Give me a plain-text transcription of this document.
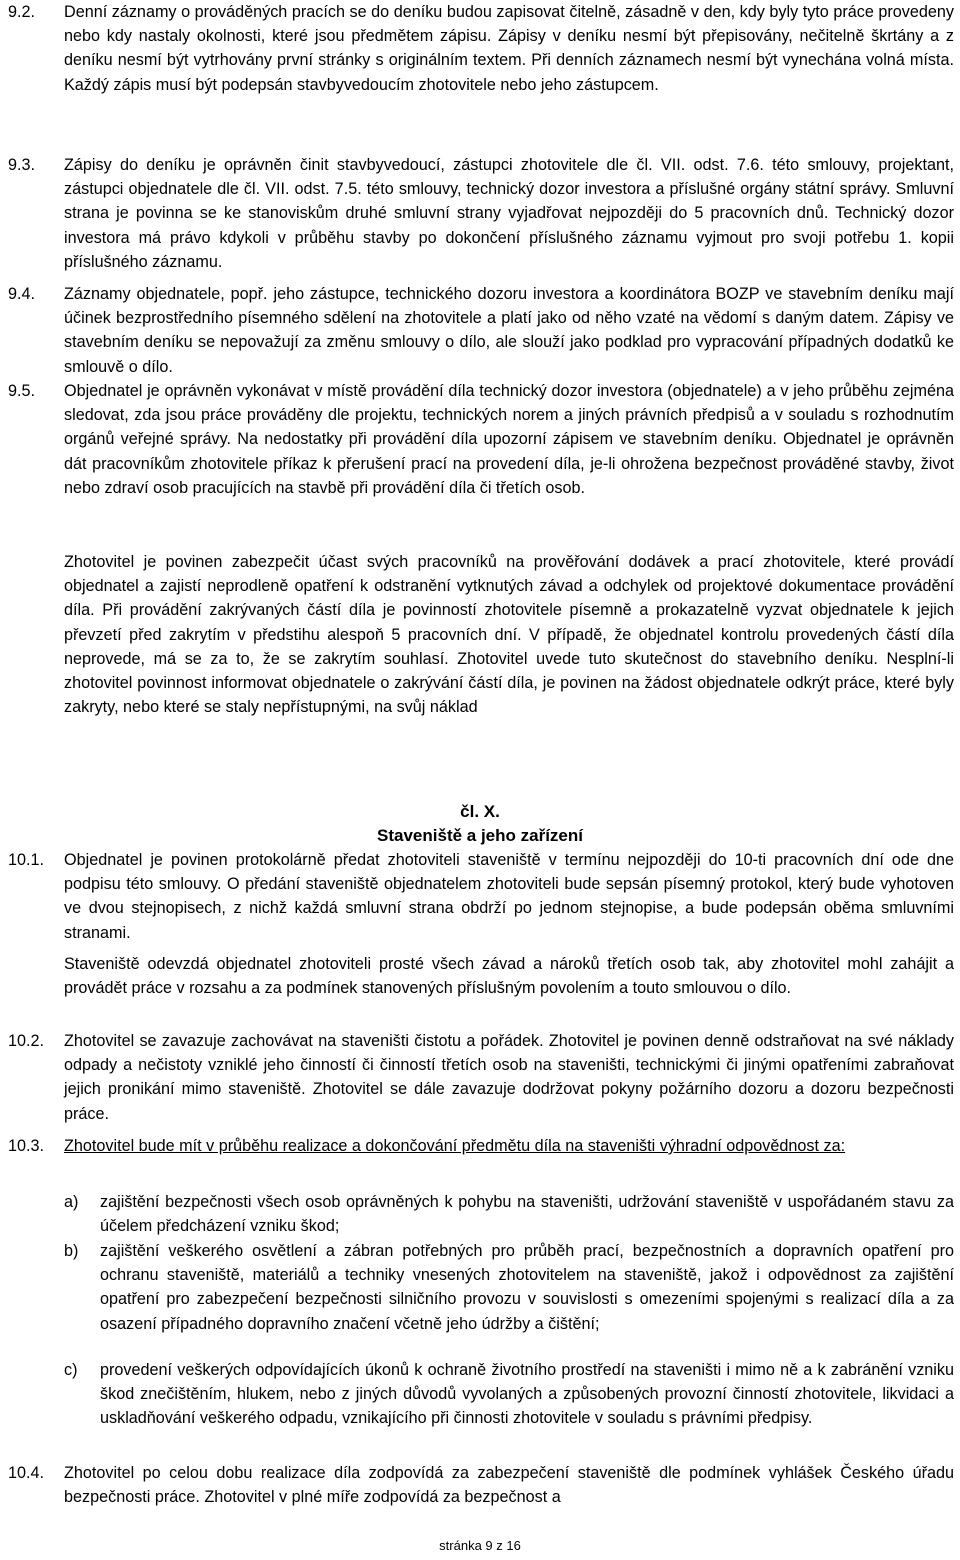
9.2. Denní záznamy o prováděných pracích se do deníku budou zapisovat čitelně, zásadně v den, kdy byly tyto práce provedeny nebo kdy nastaly okolnosti, které jsou předmětem zápisu. Zápisy v deníku nesmí být přepisovány, nečitelně škrtány a z deníku nesmí být vytrhovány první stránky s originálním textem. Při denních záznamech nesmí být vynechána volná místa. Každý zápis musí být podepsán stavbyvedoucím zhotovitele nebo jeho zástupcem.
9.3. Zápisy do deníku je oprávněn činit stavbyvedoucí, zástupci zhotovitele dle čl. VII. odst. 7.6. této smlouvy, projektant, zástupci objednatele dle čl. VII. odst. 7.5. této smlouvy, technický dozor investora a příslušné orgány státní správy. Smluvní strana je povinna se ke stanoviskům druhé smluvní strany vyjadřovat nejpozději do 5 pracovních dnů. Technický dozor investora má právo kdykoli v průběhu stavby po dokončení příslušného záznamu vyjmout pro svoji potřebu 1. kopii příslušného záznamu.
9.4. Záznamy objednatele, popř. jeho zástupce, technického dozoru investora a koordinátora BOZP ve stavebním deníku mají účinek bezprostředního písemného sdělení na zhotovitele a platí jako od něho vzaté na vědomí s daným datem. Zápisy ve stavebním deníku se nepovažují za změnu smlouvy o dílo, ale slouží jako podklad pro vypracování případných dodatků ke smlouvě o dílo.
9.5. Objednatel je oprávněn vykonávat v místě provádění díla technický dozor investora (objednatele) a v jeho průběhu zejména sledovat, zda jsou práce prováděny dle projektu, technických norem a jiných právních předpisů a v souladu s rozhodnutím orgánů veřejné správy. Na nedostatky při provádění díla upozorní zápisem ve stavebním deníku. Objednatel je oprávněn dát pracovníkům zhotovitele příkaz k přerušení prací na provedení díla, je-li ohrožena bezpečnost prováděné stavby, život nebo zdraví osob pracujících na stavbě při provádění díla či třetích osob.
Zhotovitel je povinen zabezpečit účast svých pracovníků na prověřování dodávek a prací zhotovitele, které provádí objednatel a zajistí neprodleně opatření k odstranění vytknutých závad a odchylek od projektové dokumentace provádění díla. Při provádění zakrývaných částí díla je povinností zhotovitele písemně a prokazatelně vyzvat objednatele k jejich převzetí před zakrytím v předstihu alespoň 5 pracovních dní. V případě, že objednatel kontrolu provedených částí díla neprovede, má se za to, že se zakrytím souhlasí. Zhotovitel uvede tuto skutečnost do stavebního deníku. Nesplní-li zhotovitel povinnost informovat objednatele o zakrývání částí díla, je povinen na žádost objednatele odkrýt práce, které byly zakryty, nebo které se staly nepřístupnými, na svůj náklad
čl. X.
Staveniště a jeho zařízení
10.1. Objednatel je povinen protokolárně předat zhotoviteli staveniště v termínu nejpozději do 10-ti pracovních dní ode dne podpisu této smlouvy. O předání staveniště objednatelem zhotoviteli bude sepsán písemný protokol, který bude vyhotoven ve dvou stejnopisech, z nichž každá smluvní strana obdrží po jednom stejnopise, a bude podepsán oběma smluvními stranami.
Staveniště odevzdá objednatel zhotoviteli prosté všech závad a nároků třetích osob tak, aby zhotovitel mohl zahájit a provádět práce v rozsahu a za podmínek stanovených příslušným povolením a touto smlouvou o dílo.
10.2. Zhotovitel se zavazuje zachovávat na staveništi čistotu a pořádek. Zhotovitel je povinen denně odstraňovat na své náklady odpady a nečistoty vzniklé jeho činností či činností třetích osob na staveništi, technickými či jinými opatřeními zabraňovat jejich pronikání mimo staveniště. Zhotovitel se dále zavazuje dodržovat pokyny požárního dozoru a dozoru bezpečnosti práce.
10.3. Zhotovitel bude mít v průběhu realizace a dokončování předmětu díla na staveništi výhradní odpovědnost za:
a) zajištění bezpečnosti všech osob oprávněných k pohybu na staveništi, udržování staveniště v uspořádaném stavu za účelem předcházení vzniku škod;
b) zajištění veškerého osvětlení a zábran potřebných pro průběh prací, bezpečnostních a dopravních opatření pro ochranu staveniště, materiálů a techniky vnesených zhotovitelem na staveniště, jakož i odpovědnost za zajištění opatření pro zabezpečení bezpečnosti silničního provozu v souvislosti s omezeními spojenými s realizací díla a za osazení případného dopravního značení včetně jeho údržby a čištění;
c) provedení veškerých odpovídajících úkonů k ochraně životního prostředí na staveništi i mimo ně a k zabránění vzniku škod znečištěním, hlukem, nebo z jiných důvodů vyvolaných a způsobených provozní činností zhotovitele, likvidaci a uskladňování veškerého odpadu, vznikajícího při činnosti zhotovitele v souladu s právními předpisy.
10.4. Zhotovitel po celou dobu realizace díla zodpovídá za zabezpečení staveniště dle podmínek vyhlášek Českého úřadu bezpečnosti práce. Zhotovitel v plné míře zodpovídá za bezpečnost a
stránka 9 z 16
